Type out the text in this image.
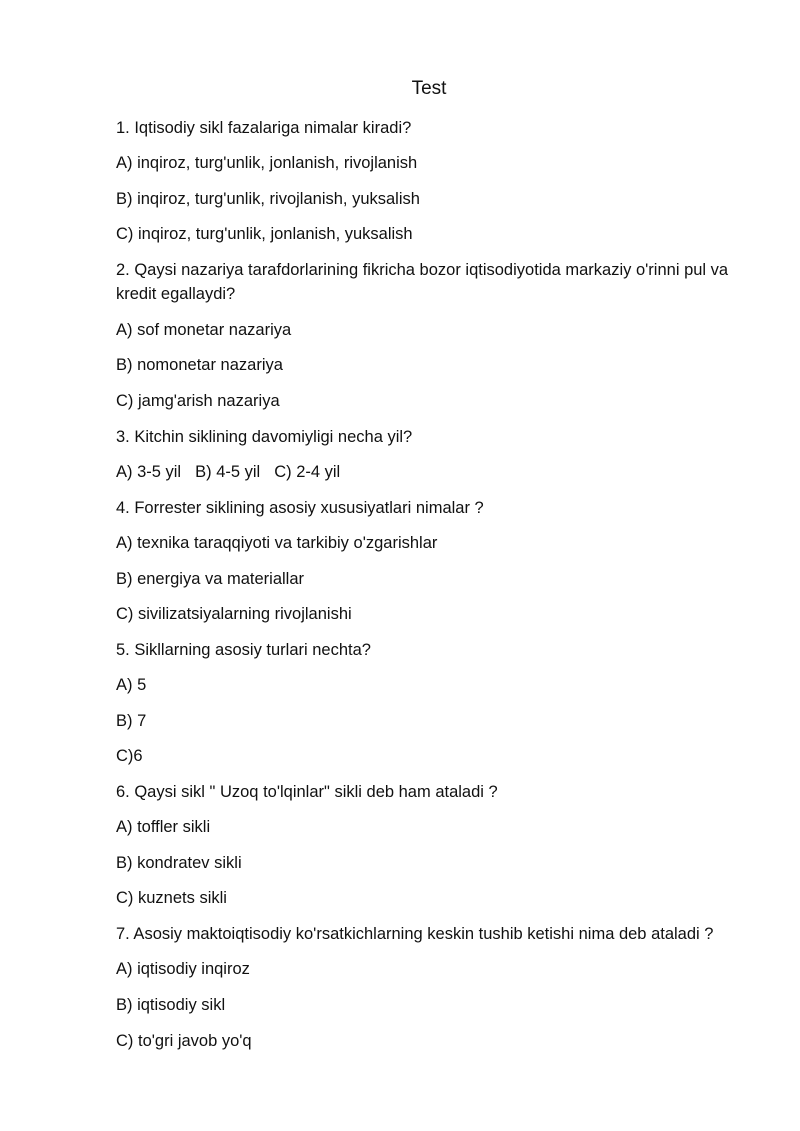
Test
1. Iqtisodiy sikl fazalariga nimalar kiradi?
A) inqiroz, turg'unlik, jonlanish, rivojlanish
B) inqiroz, turg'unlik, rivojlanish, yuksalish
C) inqiroz, turg'unlik, jonlanish, yuksalish
2. Qaysi nazariya tarafdorlarining fikricha bozor iqtisodiyotida markaziy o'rinni pul va kredit egallaydi?
A) sof monetar nazariya
B) nomonetar nazariya
C) jamg'arish nazariya
3. Kitchin siklining davomiyligi necha yil?
A) 3-5 yil B) 4-5 yil C) 2-4 yil
4. Forrester siklining asosiy xususiyatlari nimalar ?
A) texnika taraqqiyoti va tarkibiy o'zgarishlar
B) energiya va materiallar
C) sivilizatsiyalarning rivojlanishi
5. Sikllarning asosiy turlari nechta?
A) 5
B) 7
C)6
6. Qaysi sikl " Uzoq to'lqinlar" sikli deb ham ataladi ?
A) toffler sikli
B) kondratev sikli
C) kuznets sikli
7. Asosiy maktoiqtisodiy ko'rsatkichlarning keskin tushib ketishi nima deb ataladi ?
A) iqtisodiy inqiroz
B) iqtisodiy sikl
C) to'gri javob yo'q
